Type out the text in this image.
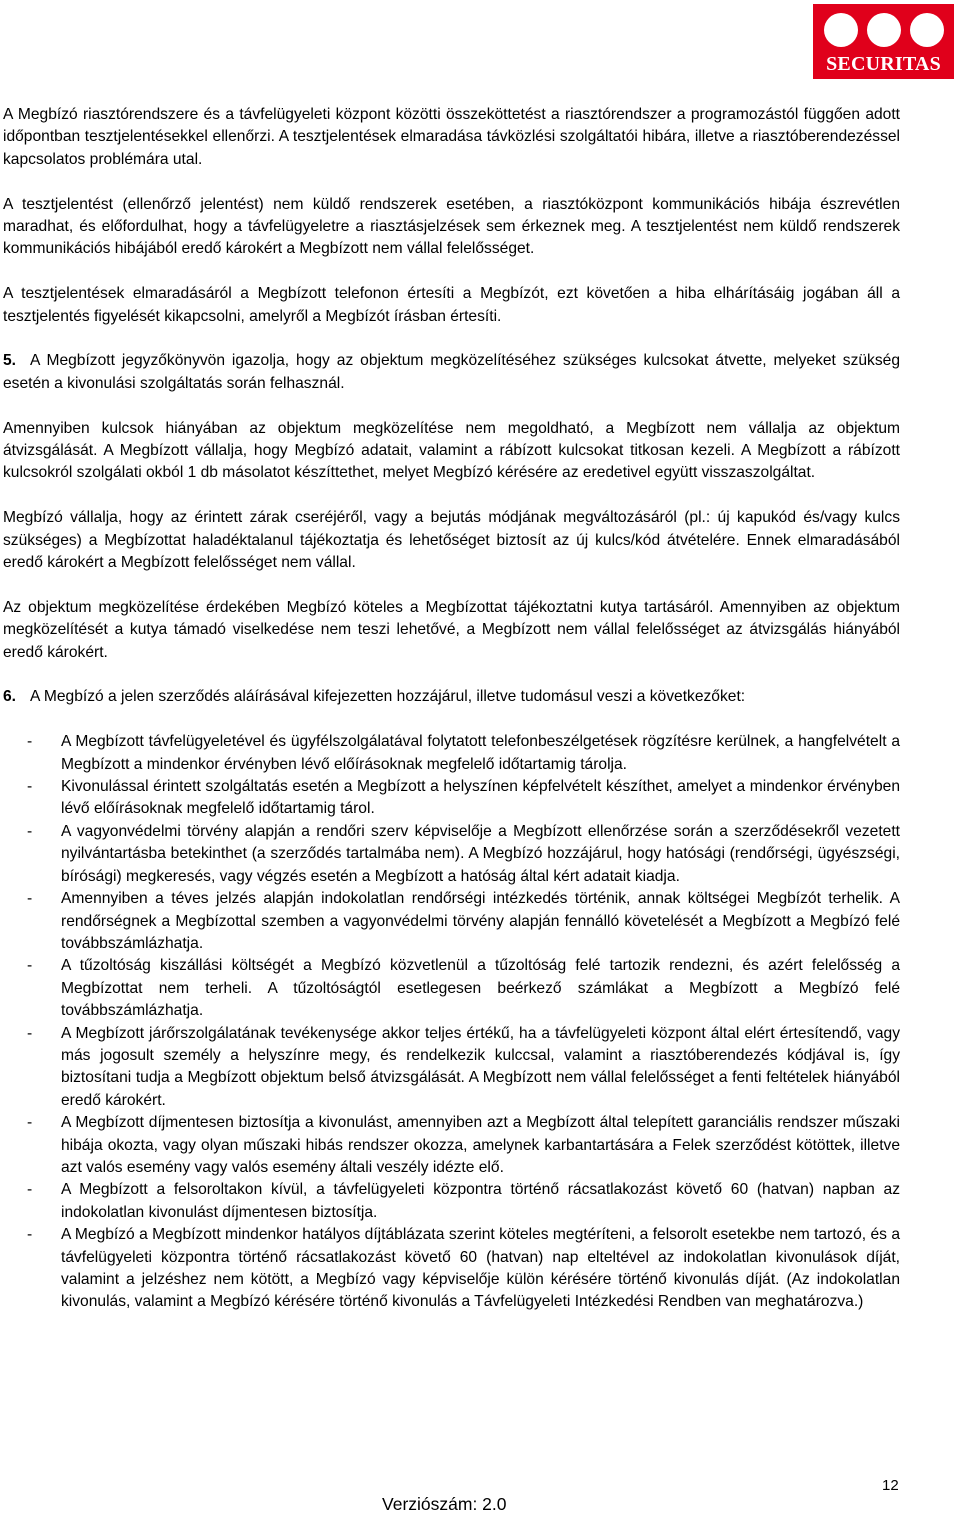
SECURITAS

A Megbízó riasztórendszere és a távfelügyeleti központ közötti összeköttetést a riasztórendszer a programozástól függően adott időpontban tesztjelentésekkel ellenőrzi. A tesztjelentések elmaradása távközlési szolgáltatói hibára, illetve a riasztóberendezéssel kapcsolatos problémára utal.

A tesztjelentést (ellenőrző jelentést) nem küldő rendszerek esetében, a riasztóközpont kommunikációs hibája észrevétlen maradhat, és előfordulhat, hogy a távfelügyeletre a riasztásjelzések sem érkeznek meg. A tesztjelentést nem küldő rendszerek kommunikációs hibájából eredő károkért a Megbízott nem vállal felelősséget.

A tesztjelentések elmaradásáról a Megbízott telefonon értesíti a Megbízót, ezt követően a hiba elhárításáig jogában áll a tesztjelentés figyelését kikapcsolni, amelyről a Megbízót írásban értesíti.

5. A Megbízott jegyzőkönyvön igazolja, hogy az objektum megközelítéséhez szükséges kulcsokat átvette, melyeket szükség esetén a kivonulási szolgáltatás során felhasznál.

Amennyiben kulcsok hiányában az objektum megközelítése nem megoldható, a Megbízott nem vállalja az objektum átvizsgálását. A Megbízott vállalja, hogy Megbízó adatait, valamint a rábízott kulcsokat titkosan kezeli. A Megbízott a rábízott kulcsokról szolgálati okból 1 db másolatot készíttethet, melyet Megbízó kérésére az eredetivel együtt visszaszolgáltat.

Megbízó vállalja, hogy az érintett zárak cseréjéről, vagy a bejutás módjának megváltozásáról (pl.: új kapukód és/vagy kulcs szükséges) a Megbízottat haladéktalanul tájékoztatja és lehetőséget biztosít az új kulcs/kód átvételére. Ennek elmaradásából eredő károkért a Megbízott felelősséget nem vállal.

Az objektum megközelítése érdekében Megbízó köteles a Megbízottat tájékoztatni kutya tartásáról. Amennyiben az objektum megközelítését a kutya támadó viselkedése nem teszi lehetővé, a Megbízott nem vállal felelősséget az átvizsgálás hiányából eredő károkért.

6. A Megbízó a jelen szerződés aláírásával kifejezetten hozzájárul, illetve tudomásul veszi a következőket:

- A Megbízott távfelügyeletével és ügyfélszolgálatával folytatott telefonbeszélgetések rögzítésre kerülnek, a hangfelvételt a Megbízott a mindenkor érvényben lévő előírásoknak megfelelő időtartamig tárolja.
- Kivonulással érintett szolgáltatás esetén a Megbízott a helyszínen képfelvételt készíthet, amelyet a mindenkor érvényben lévő előírásoknak megfelelő időtartamig tárol.
- A vagyonvédelmi törvény alapján a rendőri szerv képviselője a Megbízott ellenőrzése során a szerződésekről vezetett nyilvántartásba betekinthet (a szerződés tartalmába nem). A Megbízó hozzájárul, hogy hatósági (rendőrségi, ügyészségi, bírósági) megkeresés, vagy végzés esetén a Megbízott a hatóság által kért adatait kiadja.
- Amennyiben a téves jelzés alapján indokolatlan rendőrségi intézkedés történik, annak költségei Megbízót terhelik. A rendőrségnek a Megbízottal szemben a vagyonvédelmi törvény alapján fennálló követelését a Megbízott a Megbízó felé továbbszámlázhatja.
- A tűzoltóság kiszállási költségét a Megbízó közvetlenül a tűzoltóság felé tartozik rendezni, és azért felelősség a Megbízottat nem terheli. A tűzoltóságtól esetlegesen beérkező számlákat a Megbízott a Megbízó felé továbbszámlázhatja.
- A Megbízott járőrszolgálatának tevékenysége akkor teljes értékű, ha a távfelügyeleti központ által elért értesítendő, vagy más jogosult személy a helyszínre megy, és rendelkezik kulccsal, valamint a riasztóberendezés kódjával is, így biztosítani tudja a Megbízott objektum belső átvizsgálását. A Megbízott nem vállal felelősséget a fenti feltételek hiányából eredő károkért.
- A Megbízott díjmentesen biztosítja a kivonulást, amennyiben azt a Megbízott által telepített garanciális rendszer műszaki hibája okozta, vagy olyan műszaki hibás rendszer okozza, amelynek karbantartására a Felek szerződést kötöttek, illetve azt valós esemény vagy valós esemény általi veszély idézte elő.
- A Megbízott a felsoroltakon kívül, a távfelügyeleti központra történő rácsatlakozást követő 60 (hatvan) napban az indokolatlan kivonulást díjmentesen biztosítja.
- A Megbízó a Megbízott mindenkor hatályos díjtáblázata szerint köteles megtéríteni, a felsorolt esetekbe nem tartozó, és a távfelügyeleti központra történő rácsatlakozást követő 60 (hatvan) nap elteltével az indokolatlan kivonulások díját, valamint a jelzéshez nem kötött, a Megbízó vagy képviselője külön kérésére történő kivonulás díját. (Az indokolatlan kivonulás, valamint a Megbízó kérésére történő kivonulás a Távfelügyeleti Intézkedési Rendben van meghatározva.)
12
Verziószám: 2.0
